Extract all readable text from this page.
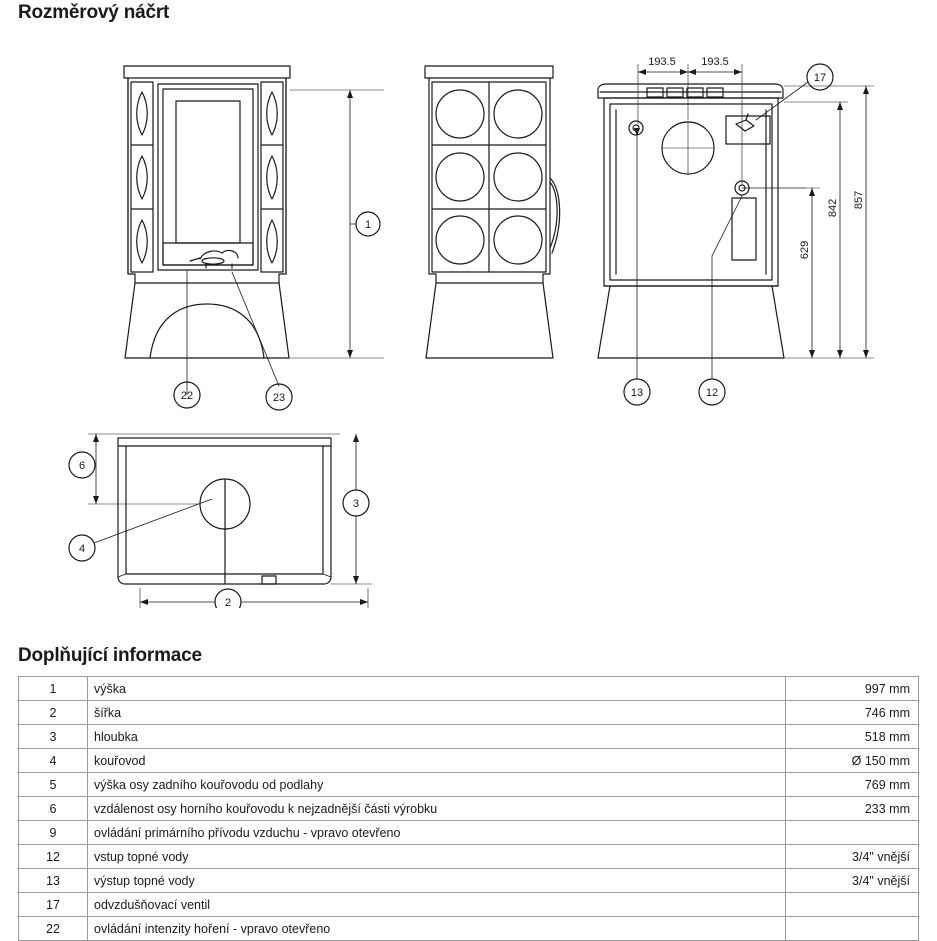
Rozměrový náčrt
1
22	23
17
13	12
6
3
2
4
193.5 193.5
629
842 857
Doplňující informace
1	výška	997 mm
2	šířka	746 mm
3	hloubka	518 mm
4	kouřovod	Ø 150 mm
5	výška osy zadního kouřovodu od podlahy	769 mm
6	vzdálenost osy horního kouřovodu k nejzadnější části výrobku	233 mm
9	ovládání primárního přívodu vzduchu - vpravo otevřeno	
12	vstup topné vody	3/4" vnější
13	výstup topné vody	3/4" vnější
17	odvzdušňovací ventil	
22	ovládání intenzity hoření - vpravo otevřeno	
